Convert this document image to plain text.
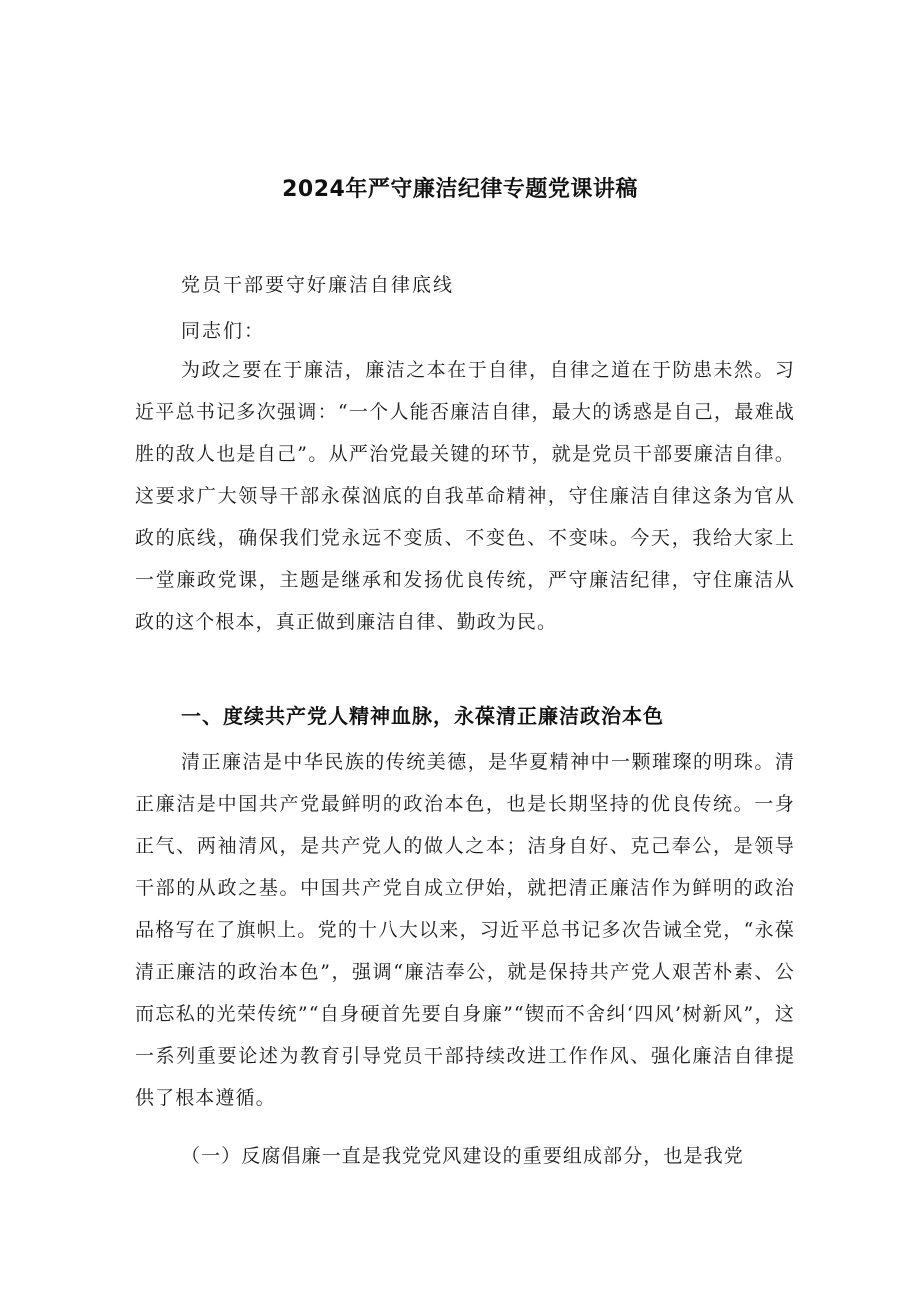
2024年严守廉洁纪律专题党课讲稿
党员干部要守好廉洁自律底线
同志们：
为政之要在于廉洁，廉洁之本在于自律，自律之道在于防患未然。习近平总书记多次强调：“一个人能否廉洁自律，最大的诱惑是自己，最难战胜的敌人也是自己”。从严治党最关键的环节，就是党员干部要廉洁自律。这要求广大领导干部永葆汹底的自我革命精神，守住廉洁自律这条为官从政的底线，确保我们党永远不变质、不变色、不变味。今天，我给大家上一堂廉政党课，主题是继承和发扬优良传统，严守廉洁纪律，守住廉洁从政的这个根本，真正做到廉洁自律、勤政为民。
一、度续共产党人精神血脉，永葆清正廉洁政治本色
清正廉洁是中华民族的传统美德，是华夏精神中一颗璀璨的明珠。清正廉洁是中国共产党最鲜明的政治本色，也是长期坚持的优良传统。一身正气、两袖清风，是共产党人的做人之本；洁身自好、克己奉公，是领导干部的从政之基。中国共产党自成立伊始，就把清正廉洁作为鲜明的政治品格写在了旗帜上。党的十八大以来，习近平总书记多次告诫全党，“永葆清正廉洁的政治本色”，强调“廉洁奉公，就是保持共产党人艰苦朴素、公而忘私的光荣传统”“自身硬首先要自身廉”“锲而不舍纠‘四风’树新风”，这一系列重要论述为教育引导党员干部持续改进工作作风、强化廉洁自律提供了根本遵循。
（一）反腐倡廉一直是我党党风建设的重要组成部分，也是我党
